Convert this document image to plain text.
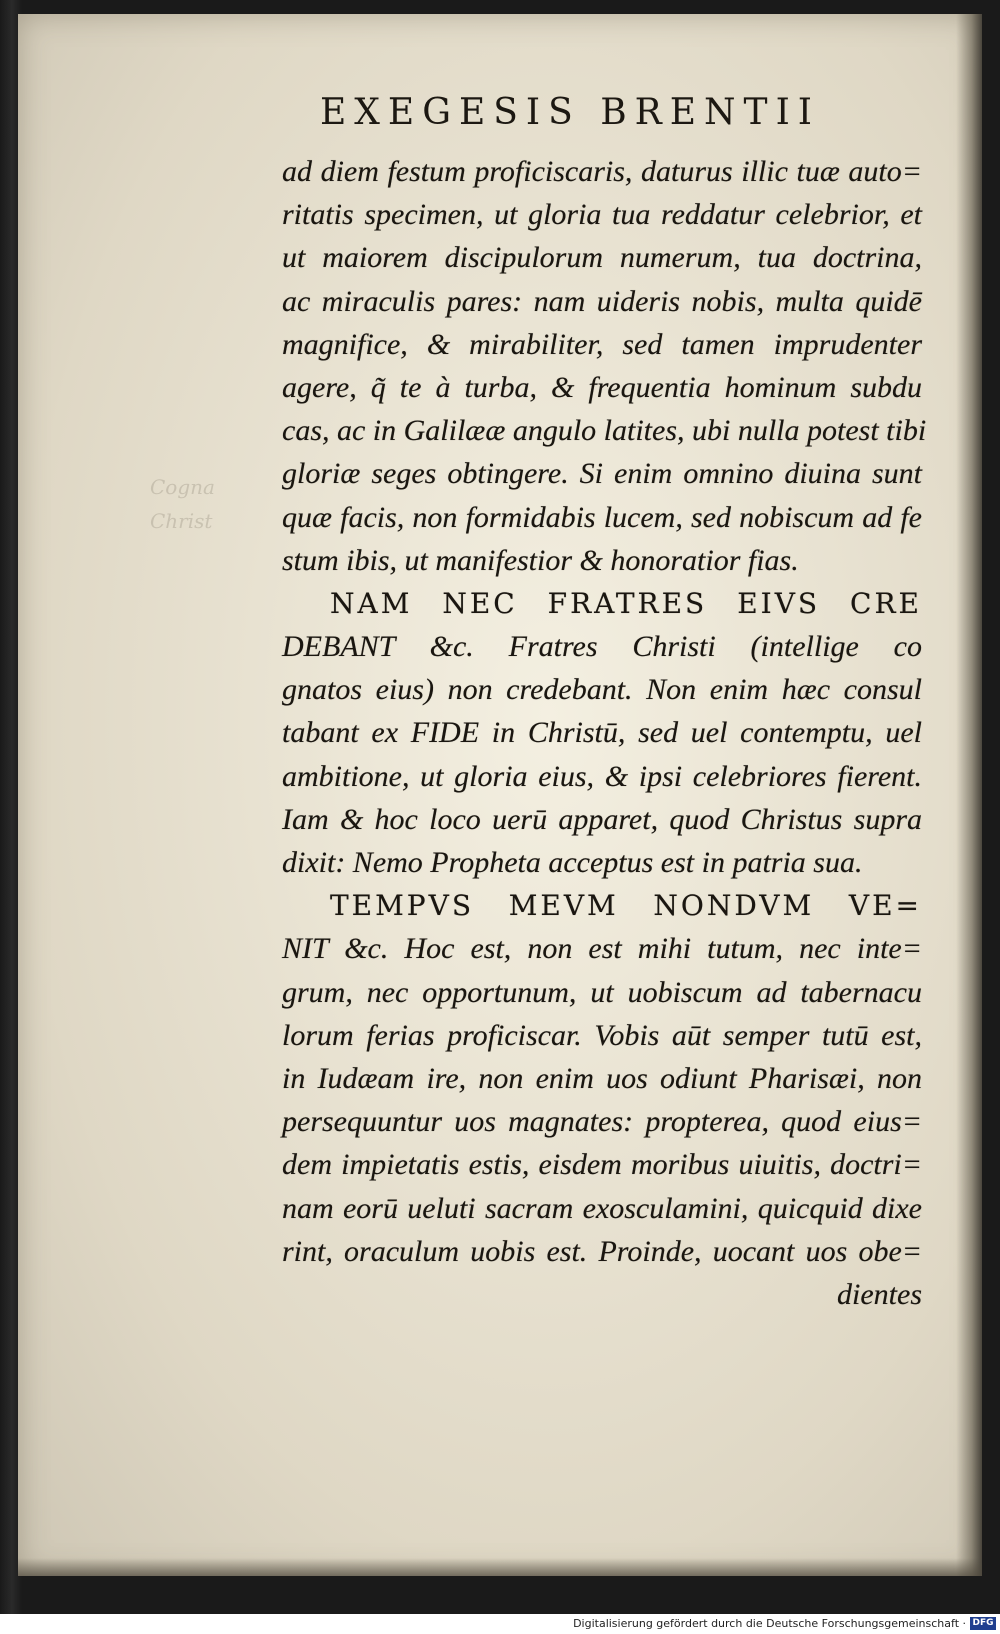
Cogna Christ
EXEGESIS BRENTII
ad diem festum proficiscaris, daturus illic tuæ auto=
ritatis specimen, ut gloria tua reddatur celebrior, et
ut maiorem discipulorum numerum, tua doctrina,
ac miraculis pares: nam uideris nobis, multa quidē
magnifice, & mirabiliter, sed tamen imprudenter
agere, q̃ te à turba, & frequentia hominum subdu
cas, ac in Galilææ angulo latites, ubi nulla potest tibi
gloriæ seges obtingere. Si enim omnino diuina sunt
quæ facis, non formidabis lucem, sed nobiscum ad fe
stum ibis, ut manifestior & honoratior fias.
NAM NEC FRATRES EIVS CRE
DEBANT &c. Fratres Christi (intellige co
gnatos eius) non credebant. Non enim hæc consul
tabant ex FIDE in Christū, sed uel contemptu, uel
ambitione, ut gloria eius, & ipsi celebriores fierent.
Iam & hoc loco uerū apparet, quod Christus supra
dixit: Nemo Propheta acceptus est in patria sua.
TEMPVS MEVM NONDVM VE=
NIT &c. Hoc est, non est mihi tutum, nec inte=
grum, nec opportunum, ut uobiscum ad tabernacu
lorum ferias proficiscar. Vobis aūt semper tutū est,
in Iudæam ire, non enim uos odiunt Pharisæi, non
persequuntur uos magnates: propterea, quod eius=
dem impietatis estis, eisdem moribus uiuitis, doctri=
nam eorū ueluti sacram exosculamini, quicquid dixe
rint, oraculum uobis est. Proinde, uocant uos obe=
dientes
Digitalisierung gefördert durch die Deutsche Forschungsgemeinschaft · DFG
